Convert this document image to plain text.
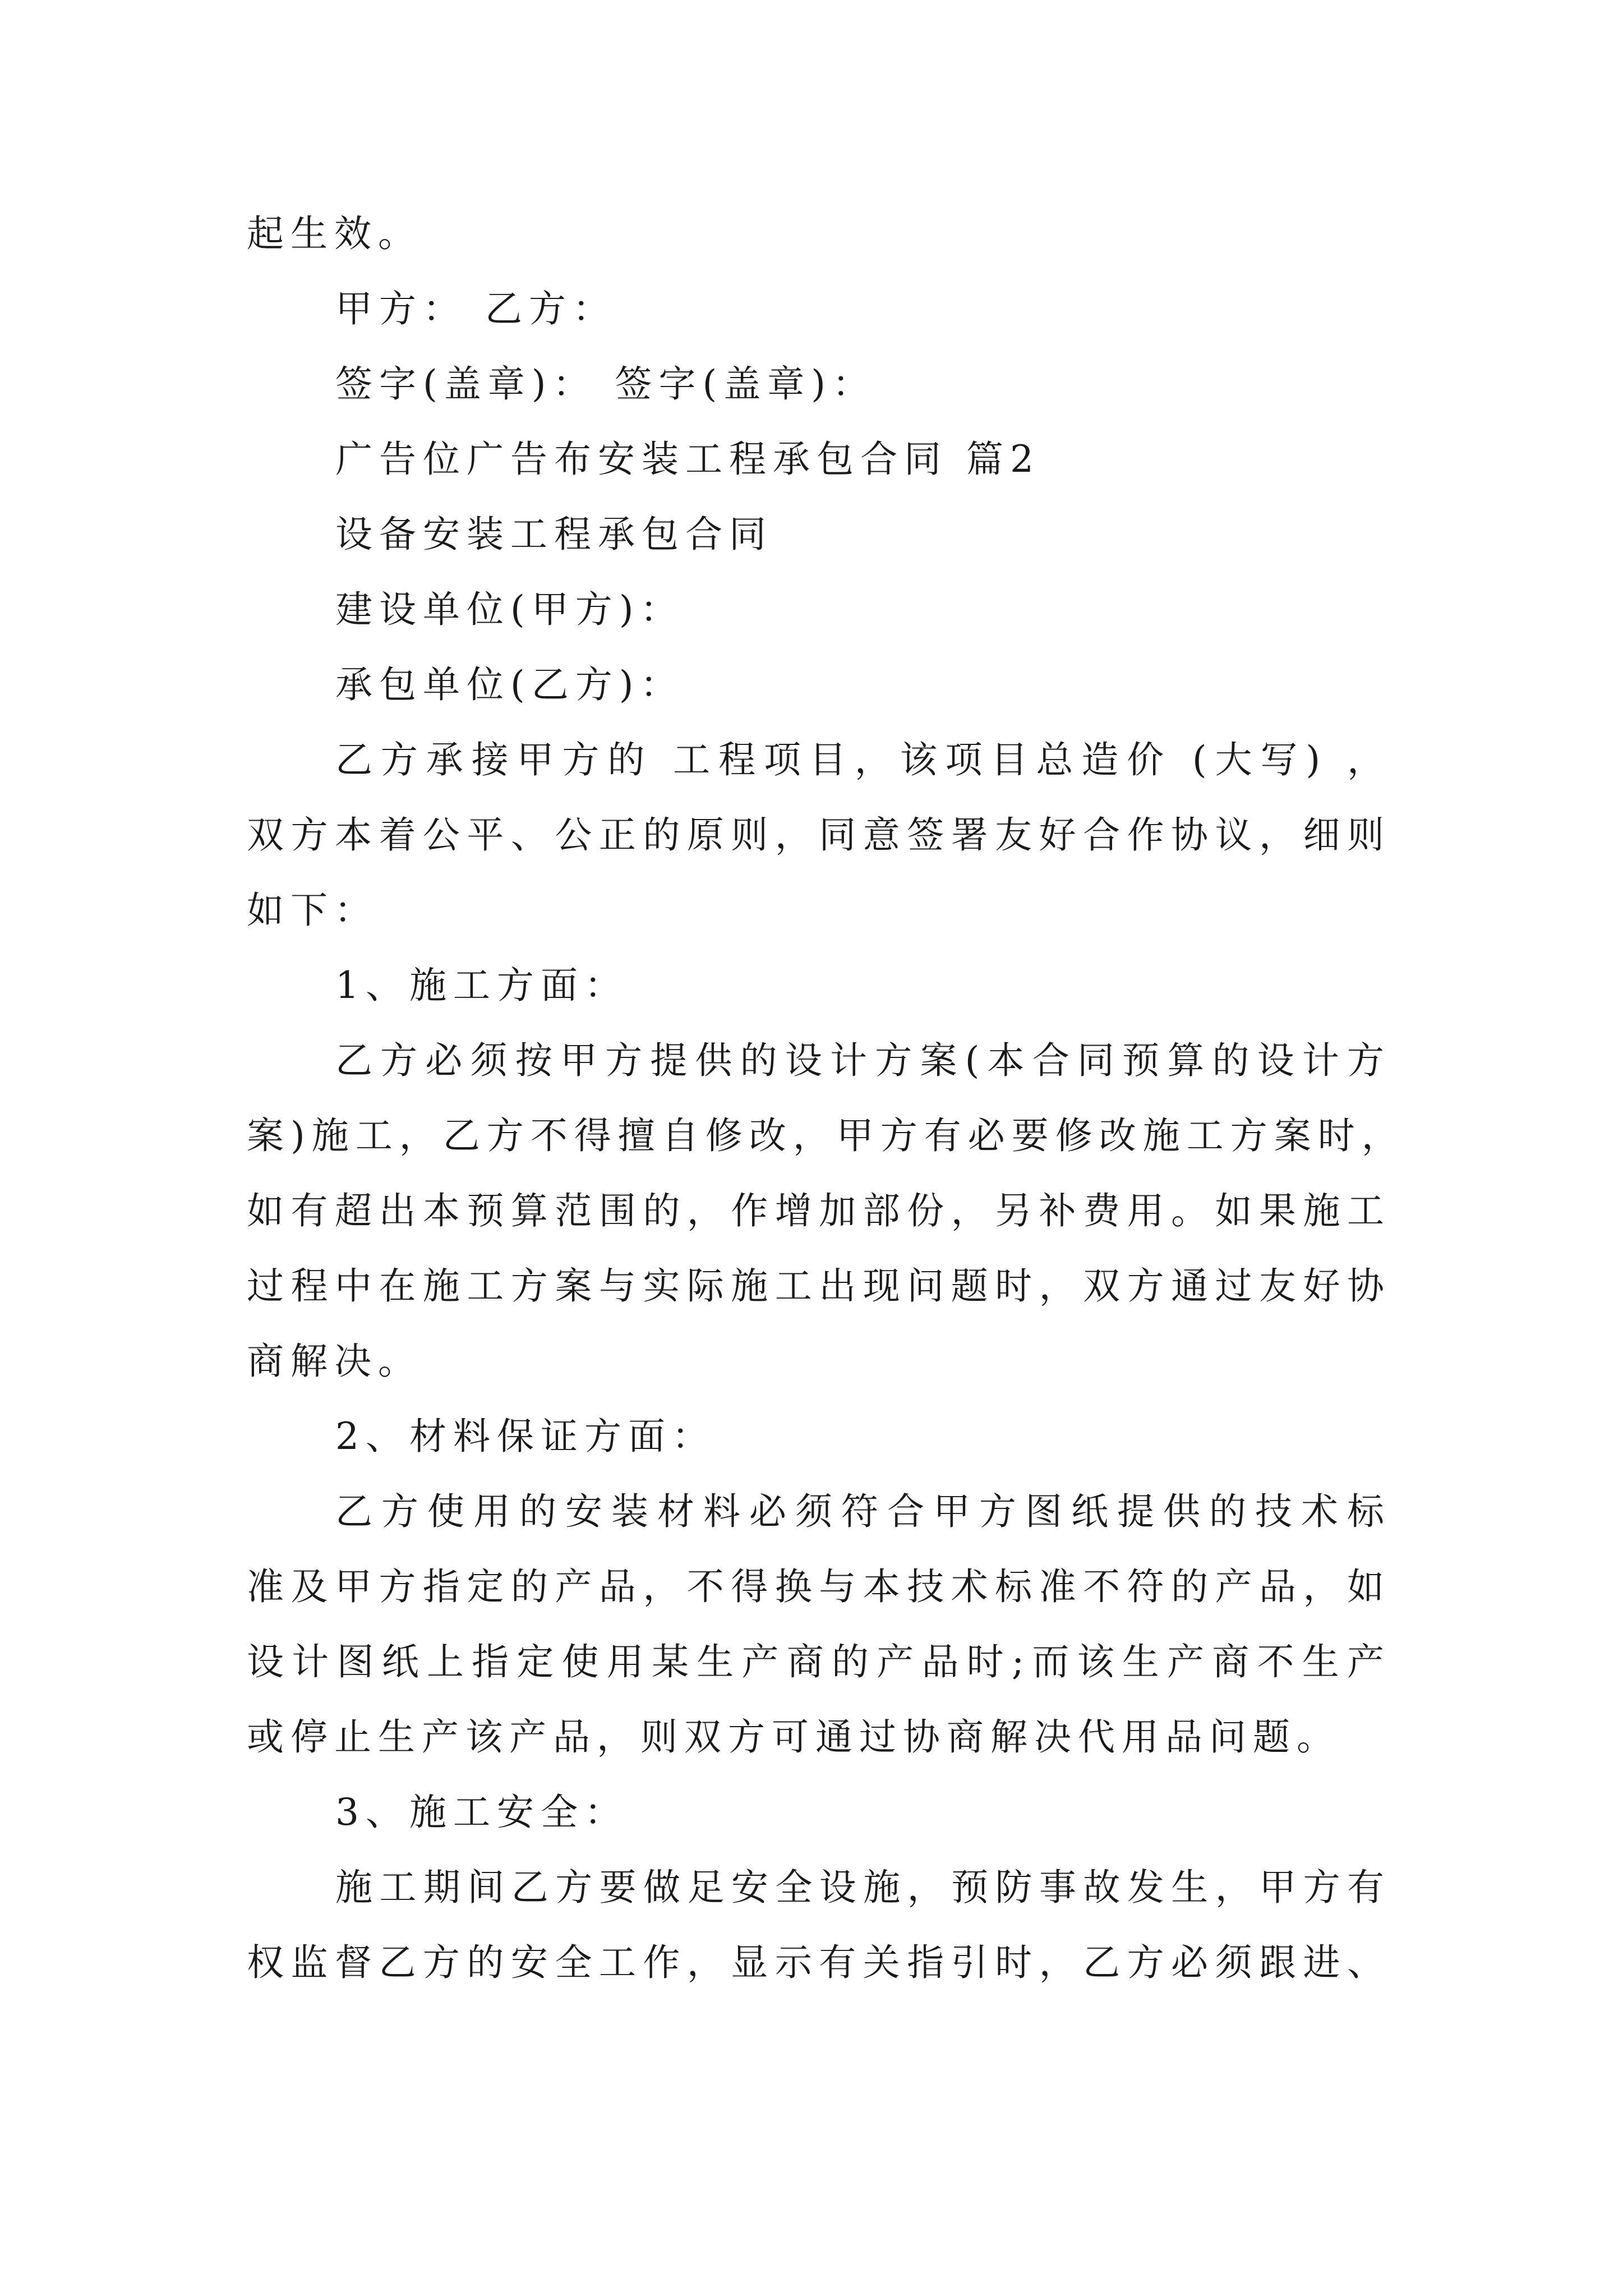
起生效。
甲方： 乙方：
签字(盖章)： 签字(盖章)：
广告位广告布安装工程承包合同 篇2
设备安装工程承包合同
建设单位(甲方)：
承包单位(乙方)：
乙方承接甲方的 工程项目，该项目总造价 (大写) ，
双方本着公平、公正的原则，同意签署友好合作协议，细则
如下：
1、施工方面：
乙方必须按甲方提供的设计方案(本合同预算的设计方
案)施工，乙方不得擅自修改，甲方有必要修改施工方案时，
如有超出本预算范围的，作增加部份，另补费用。如果施工
过程中在施工方案与实际施工出现问题时，双方通过友好协
商解决。
2、材料保证方面：
乙方使用的安装材料必须符合甲方图纸提供的技术标
准及甲方指定的产品，不得换与本技术标准不符的产品，如
设计图纸上指定使用某生产商的产品时;而该生产商不生产
或停止生产该产品，则双方可通过协商解决代用品问题。
3、施工安全：
施工期间乙方要做足安全设施，预防事故发生，甲方有
权监督乙方的安全工作，显示有关指引时，乙方必须跟进、
